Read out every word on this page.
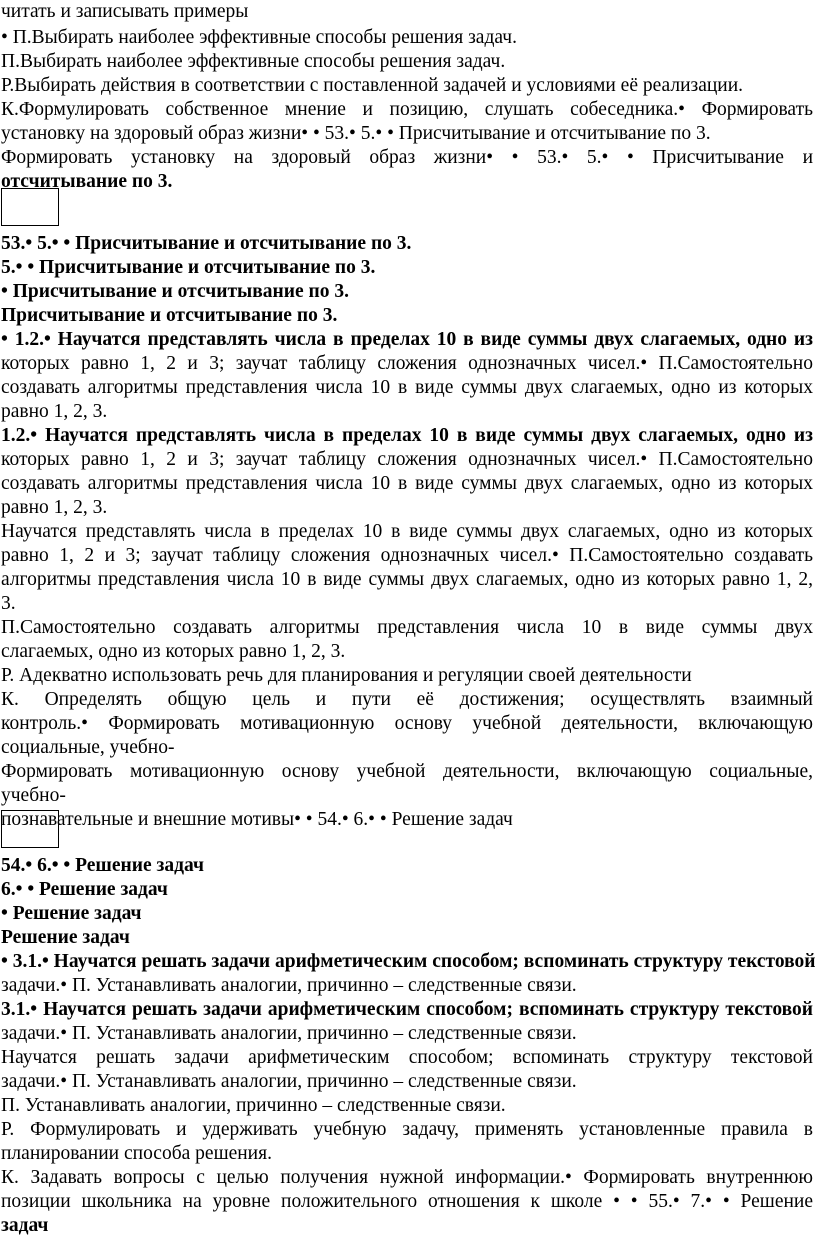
читать и записывать примеры
• П.Выбирать наиболее эффективные способы решения задач.
П.Выбирать наиболее эффективные способы решения задач.
Р.Выбирать действия в соответствии с поставленной задачей и условиями её реализации.
К.Формулировать собственное мнение и позицию, слушать собеседника.• Формировать
установку на здоровый образ жизни• • 53.• 5.• • Присчитывание и отсчитывание по 3.
Формировать установку на здоровый образ жизни• • 53.• 5.• • Присчитывание и
отсчитывание по 3.
53.• 5.• • Присчитывание и отсчитывание по 3.
5.• • Присчитывание и отсчитывание по 3.
• Присчитывание и отсчитывание по 3.
Присчитывание и отсчитывание по 3.
• 1.2.• Научатся представлять числа в пределах 10 в виде суммы двух слагаемых, одно из
которых равно 1, 2 и 3; заучат таблицу сложения однозначных чисел.• П.Самостоятельно
создавать алгоритмы представления числа 10 в виде суммы двух слагаемых, одно из которых
равно 1, 2, 3.
1.2.• Научатся представлять числа в пределах 10 в виде суммы двух слагаемых, одно из
которых равно 1, 2 и 3; заучат таблицу сложения однозначных чисел.• П.Самостоятельно
создавать алгоритмы представления числа 10 в виде суммы двух слагаемых, одно из которых
равно 1, 2, 3.
Научатся представлять числа в пределах 10 в виде суммы двух слагаемых, одно из которых
равно 1, 2 и 3; заучат таблицу сложения однозначных чисел.• П.Самостоятельно создавать
алгоритмы представления числа 10 в виде суммы двух слагаемых, одно из которых равно 1, 2,
3.
П.Самостоятельно создавать алгоритмы представления числа 10 в виде суммы двух
слагаемых, одно из которых равно 1, 2, 3.
Р. Адекватно использовать речь для планирования и регуляции своей деятельности
К. Определять общую цель и пути её достижения; осуществлять взаимный
контроль.• Формировать мотивационную основу учебной деятельности, включающую
социальные, учебно-
Формировать мотивационную основу учебной деятельности, включающую социальные,
учебно-
познавательные и внешние мотивы• • 54.• 6.• • Решение задач
54.• 6.• • Решение задач
6.• • Решение задач
• Решение задач
Решение задач
• 3.1.• Научатся решать задачи арифметическим способом; вспоминать структуру текстовой
задачи.• П. Устанавливать аналогии, причинно – следственные связи.
3.1.• Научатся решать задачи арифметическим способом; вспоминать структуру текстовой
задачи.• П. Устанавливать аналогии, причинно – следственные связи.
Научатся решать задачи арифметическим способом; вспоминать структуру текстовой
задачи.• П. Устанавливать аналогии, причинно – следственные связи.
П. Устанавливать аналогии, причинно – следственные связи.
Р. Формулировать и удерживать учебную задачу, применять установленные правила в
планировании способа решения.
К. Задавать вопросы с целью получения нужной информации.• Формировать внутреннюю
позиции школьника на уровне положительного отношения к школе • • 55.• 7.• • Решение
задач
